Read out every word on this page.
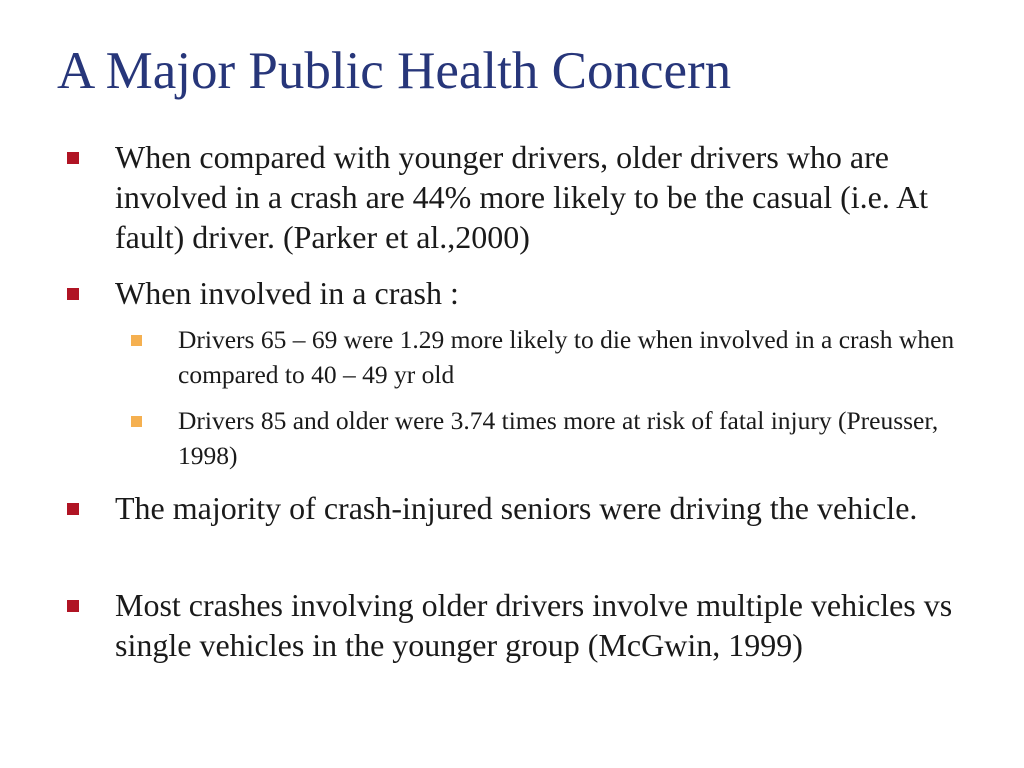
A Major Public Health Concern
When compared with younger drivers, older drivers who are involved in a crash are 44% more likely to be the casual (i.e. At fault) driver. (Parker et al.,2000)
When involved in a crash :
Drivers 65 – 69 were 1.29 more likely to die when involved in a crash when compared to 40 – 49 yr old
Drivers 85 and older were 3.74 times more at risk of fatal injury (Preusser, 1998)
The majority of crash-injured seniors were driving the vehicle.
Most crashes involving older drivers involve multiple vehicles vs single vehicles in the younger group (McGwin, 1999)
